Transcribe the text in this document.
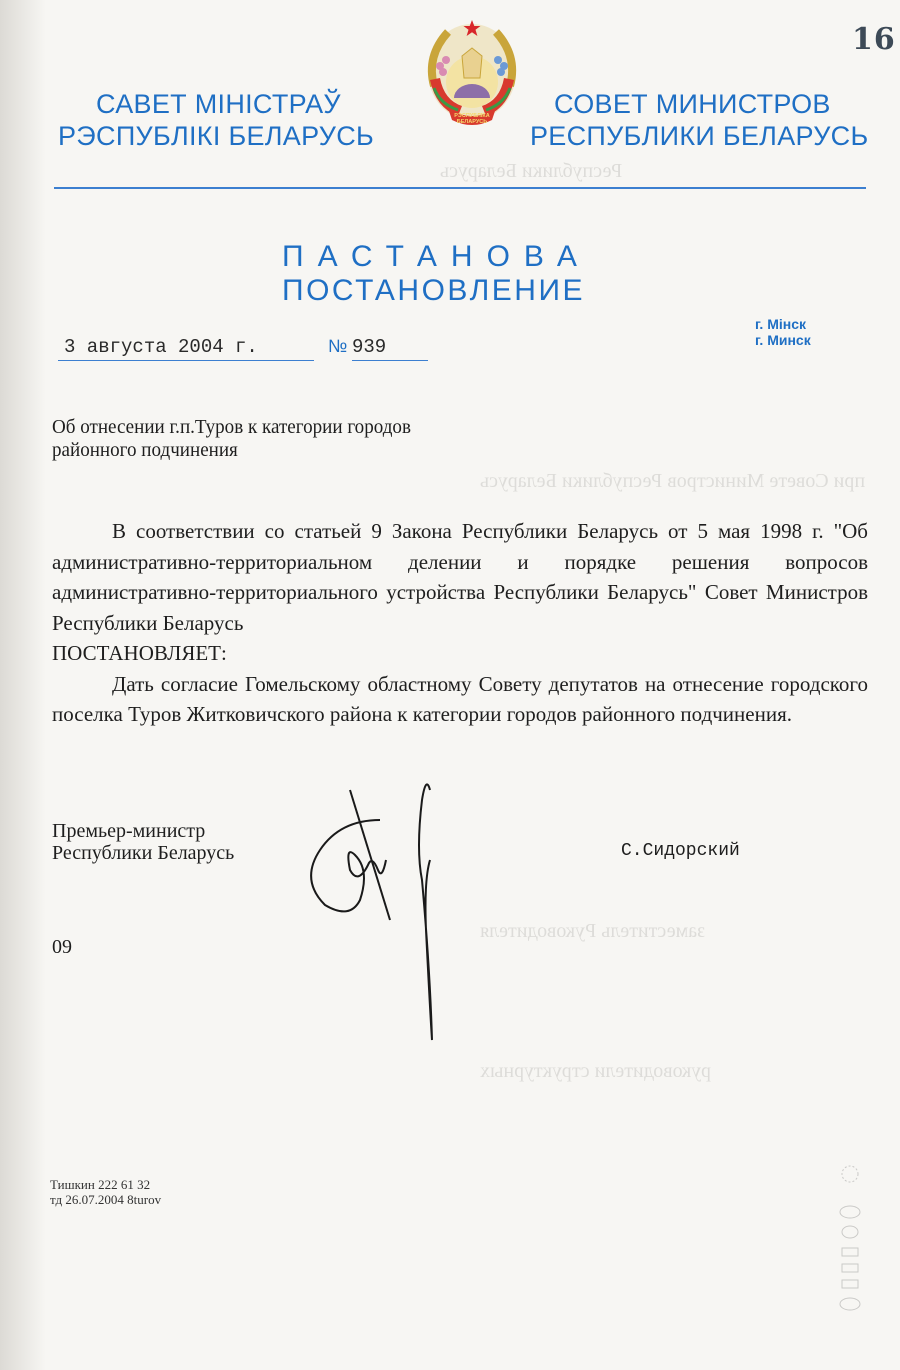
Республики Беларусь
при Совете Министров Республики Беларусь
заместитель Руководителя
руководители структурных
16
РЭСПУБЛІКА
БЕЛАРУСЬ
САВЕТ МІНІСТРАЎ
РЭСПУБЛІКІ БЕЛАРУСЬ
СОВЕТ МИНИСТРОВ
РЕСПУБЛИКИ БЕЛАРУСЬ
ПАСТАНОВА
ПОСТАНОВЛЕНИЕ
г. Мінск
г. Минск
3 августа 2004 г.	№ 939
Об отнесении г.п.Туров к категории городов
районного подчинения

В соответствии со статьей 9 Закона Республики Беларусь от 5 мая 1998 г. "Об административно-территориальном делении и порядке решения вопросов административно-территориального устройства Республики Беларусь" Совет Министров Республики Беларусь

ПОСТАНОВЛЯЕТ:

Дать согласие Гомельскому областному Совету депутатов на отнесение городского поселка Туров Житковичского района к категории городов районного подчинения.

Премьер-министр
Республики Беларусь	С.Сидорский
09
Тишкин 222 61 32
тд 26.07.2004 8turov
